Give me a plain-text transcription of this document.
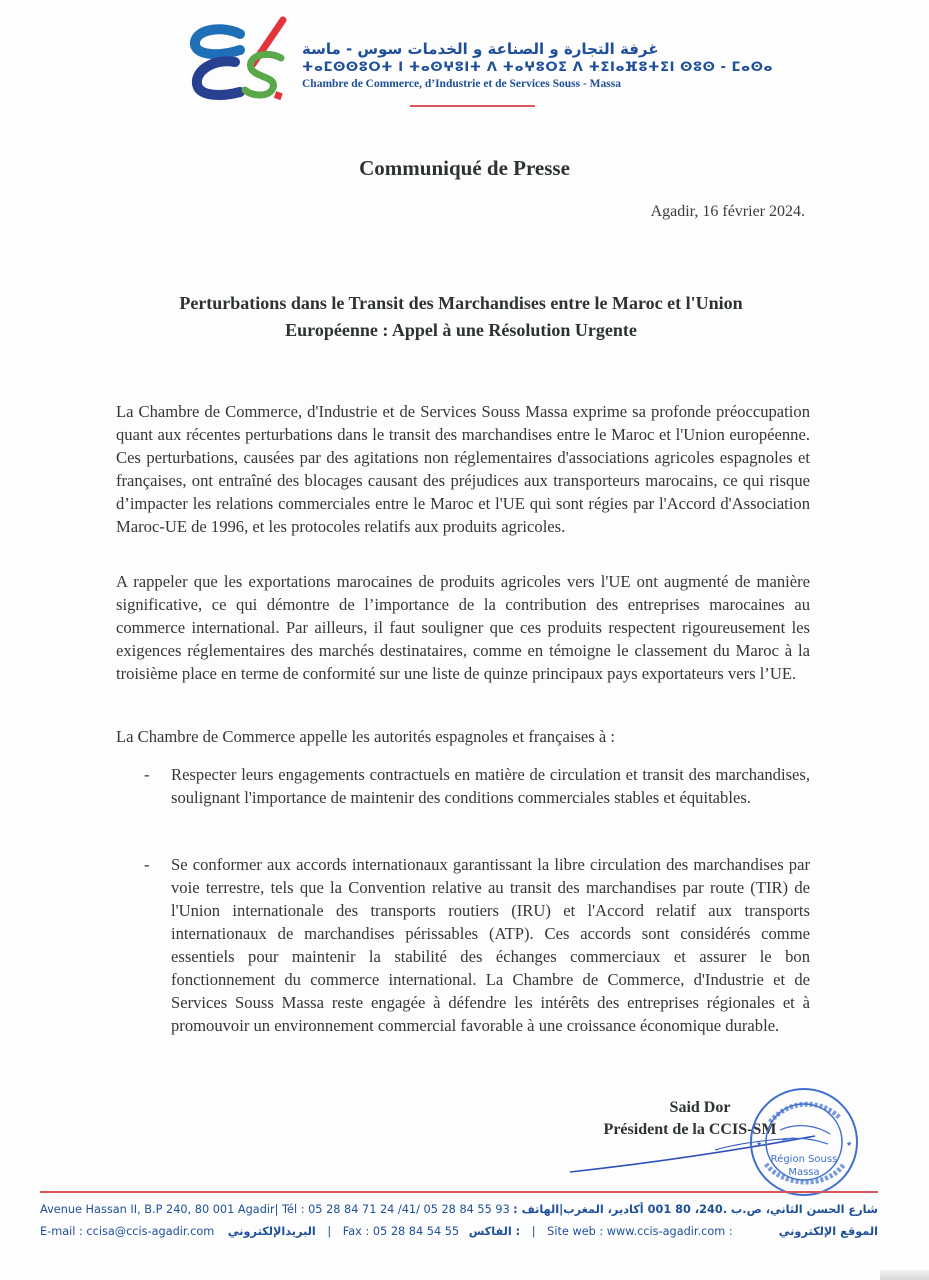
غرفة التجارة و الصناعة و الخدمات سوس - ماسة
ⵜⴰⵎⵙⵙⵓⵔⵜ ⵏ ⵜⴰⵙⵖⵓⵏⵜ ⴷ ⵜⴰⵖⵓⵔⵉ ⴷ ⵜⵉⵏⴰⴼⵓⵜⵉⵏ ⵙⵓⵙ - ⵎⴰⵙⴰ
Chambre de Commerce, d’Industrie et de Services Souss - Massa
Communiqué de Presse
Agadir, 16 février 2024.
Perturbations dans le Transit des Marchandises entre le Maroc et l'Union
Européenne : Appel à une Résolution Urgente

La Chambre de Commerce, d'Industrie et de Services Souss Massa exprime sa profonde préoccupation quant aux récentes perturbations dans le transit des marchandises entre le Maroc et l'Union européenne. Ces perturbations, causées par des agitations non réglementaires d'associations agricoles espagnoles et françaises, ont entraîné des blocages causant des préjudices aux transporteurs marocains, ce qui risque d’impacter les relations commerciales entre le Maroc et l'UE qui sont régies par l'Accord d'Association Maroc-UE de 1996, et les protocoles relatifs aux produits agricoles.

A rappeler que les exportations marocaines de produits agricoles vers l'UE ont augmenté de manière significative, ce qui démontre de l’importance de la contribution des entreprises marocaines au commerce international. Par ailleurs, il faut souligner que ces produits respectent rigoureusement les exigences réglementaires des marchés destinataires, comme en témoigne le classement du Maroc à la troisième place en terme de conformité sur une liste de quinze principaux pays exportateurs vers l’UE.

La Chambre de Commerce appelle les autorités espagnoles et françaises à :

- Respecter leurs engagements contractuels en matière de circulation et transit des marchandises, soulignant l'importance de maintenir des conditions commerciales stables et équitables.
- Se conformer aux accords internationaux garantissant la libre circulation des marchandises par voie terrestre, tels que la Convention relative au transit des marchandises par route (TIR) de l'Union internationale des transports routiers (IRU) et l'Accord relatif aux transports internationaux de marchandises périssables (ATP). Ces accords sont considérés comme essentiels pour maintenir la stabilité des échanges commerciaux et assurer le bon fonctionnement du commerce international. La Chambre de Commerce, d'Industrie et de Services Souss Massa reste engagée à défendre les intérêts des entreprises régionales et à promouvoir un environnement commercial favorable à une croissance économique durable.
Said Dor
Président de la CCIS-SM
★	★
Région Souss
Massa
Avenue Hassan II, B.P 240, 80 001 Agadir| Tél : 05 28 84 71 24 /41/ 05 28 84 55 93 شارع الحسن الثاني، ص.ب .240، 80 001 أكادير، المغرب|الهاتف :
E-mail : ccisa@ccis-agadir.com البريدالإلكتروني | Fax : 05 28 84 54 55 الفاكس : | Site web : www.ccis-agadir.com :	الموقع الإلكتروني
